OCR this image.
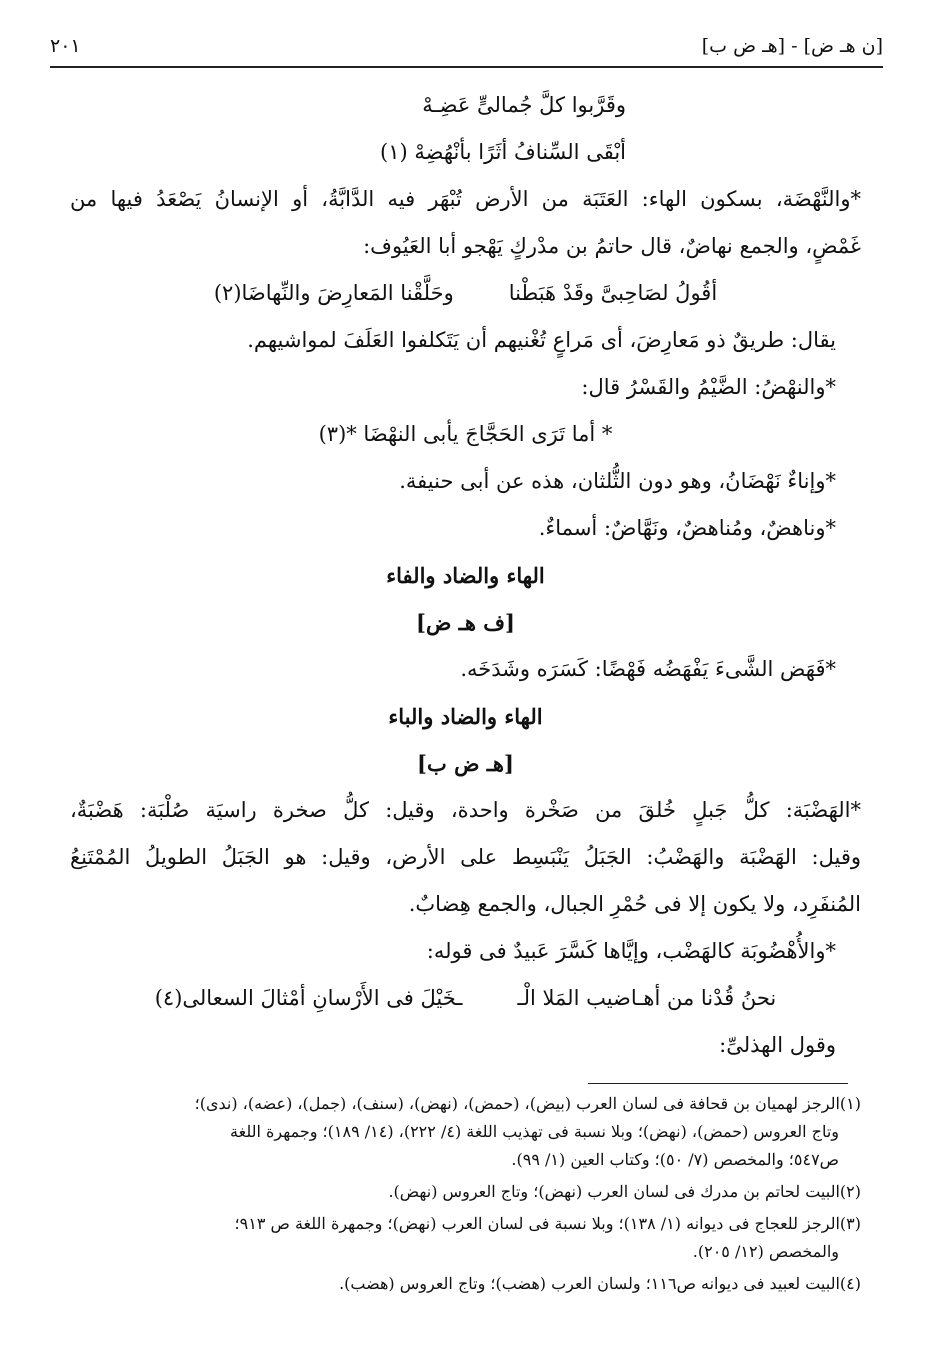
[ن هـ ض] - [هـ ض ب]
٢٠١
وقَرَّبوا كلَّ جُمالىٍّ عَضِـهْ
أبْقَى السِّنافُ أثَرًا بأنْهُضِهْ (١)
*والنَّهْضَة، بسكون الهاء: العَتَبَة من الأرض تُبْهَر فيه الدَّابَّةُ، أو الإنسانُ يَصْعَدُ فيها من
غَمْضٍ، والجمع نهاضٌ، قال حاتمُ بن مدْركٍ يَهْجو أبا العَيُوف:
أقُولُ لصَاحِبىَّ وقَدْ هَبَطْنا
وحَلَّقْنا المَعارِضَ والنِّهاضَا(٢)
يقال: طريقٌ ذو مَعارِضَ، أى مَراعٍ تُغْنيهم أن يَتَكلفوا العَلَفَ لمواشيهم.
*والنهْضُ: الضَّيْمُ والقَسْرُ قال:
* أما تَرَى الحَجَّاجَ يأبى النهْضَا *(٣)
*وإناءٌ نَهْضَانُ، وهو دون الثُّلثان، هذه عن أبى حنيفة.
*وناهضٌ، ومُناهضٌ، ونَهَّاضٌ: أسماءٌ.
الهاء والضاد والفاء
[ف هـ ض]
*فَهَض الشَّىءَ يَفْهَضُه فَهْضًا: كَسَرَه وشَدَخَه.
الهاء والضاد والباء
[هـ ض ب]
*الهَضْبَة: كلُّ جَبلٍ خُلقَ من صَخْرة واحدة، وقيل: كلُّ صخرة راسيَة صُلْبَة: هَضْبَةٌ،
وقيل: الهَضْبَة والهَضْبُ: الجَبَلُ يَنْبَسِط على الأرض، وقيل: هو الجَبَلُ الطويلُ المُمْتَنِعُ
المُنفَرِد، ولا يكون إلا فى حُمْرِ الجبال، والجمع هِضابٌ.
*والأُهْضُوبَة كالهَضْب، وإيَّاها كَسَّرَ عَبيدٌ فى قوله:
نحنُ قُدْنا من أهـاضيب المَلا الْـ
ـخَيْلَ فى الأَرْسانِ أمْثالَ السعالى(٤)
وقول الهذلىِّ:
(١)الرجز لهميان بن قحافة فى لسان العرب (بيض)، (حمض)، (نهض)، (سنف)، (جمل)، (عضه)، (ندى)؛
وتاج العروس (حمض)، (نهض)؛ وبلا نسبة فى تهذيب اللغة (٤/ ٢٢٢)، (١٤/ ١٨٩)؛ وجمهرة اللغة
ص٥٤٧؛ والمخصص (٧/ ٥٠)؛ وكتاب العين (١/ ٩٩).
(٢)البيت لحاتم بن مدرك فى لسان العرب (نهض)؛ وتاج العروس (نهض).
(٣)الرجز للعجاج فى ديوانه (١/ ١٣٨)؛ وبلا نسبة فى لسان العرب (نهض)؛ وجمهرة اللغة ص ٩١٣؛
والمخصص (١٢/ ٢٠٥).
(٤)البيت لعبيد فى ديوانه ص١١٦؛ ولسان العرب (هضب)؛ وتاج العروس (هضب).
